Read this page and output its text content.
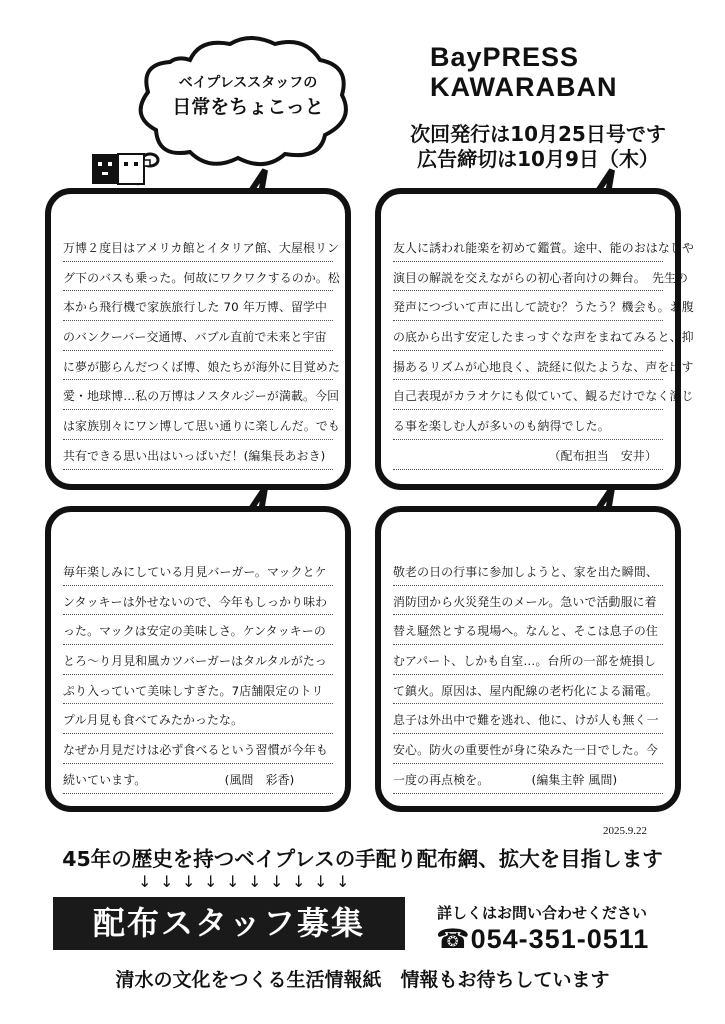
ベイプレススタッフの
日常をちょこっと
BayPRESS
KAWARABAN
次回発行は10月25日号です
広告締切は10月9日（木）
万博２度目はアメリカ館とイタリア館、大屋根リン
グ下のバスも乗った。何故にワクワクするのか。松
本から飛行機で家族旅行した 70 年万博、留学中
のバンクーバー交通博、バブル直前で未来と宇宙
に夢が膨らんだつくば博、娘たちが海外に目覚めた
愛・地球博…私の万博はノスタルジーが満載。今回
は家族別々にワン博して思い通りに楽しんだ。でも
共有できる思い出はいっぱいだ！(編集長あおき)
友人に誘われ能楽を初めて鑑賞。途中、能のおはなしや
演目の解説を交えながらの初心者向けの舞台。　先生の
発声につづいて声に出して読む？うたう？機会も。お腹
の底から出す安定したまっすぐな声をまねてみると、抑
揚あるリズムが心地良く、読経に似たような、声を出す
自己表現がカラオケにも似ていて、観るだけでなく演じ
る事を楽しむ人が多いのも納得でした。
（配布担当　安井）
毎年楽しみにしている月見バーガー。マックとケ
ンタッキーは外せないので、今年もしっかり味わ
った。マックは安定の美味しさ。ケンタッキーの
とろ～り月見和風カツバーガーはタルタルがたっ
ぷり入っていて美味しすぎた。7店舗限定のトリ
プル月見も食べてみたかったな。
なぜか月見だけは必ず食べるという習慣が今年も
続いています。　　　　　　　(風間　彩香)
敬老の日の行事に参加しようと、家を出た瞬間、
消防団から火災発生のメール。急いで活動服に着
替え騒然とする現場へ。なんと、そこは息子の住
むアパート、しかも自室…。台所の一部を焼損し
て鎮火。原因は、屋内配線の老朽化による漏電。
息子は外出中で難を逃れ、他に、けが人も無く一
安心。防火の重要性が身に染みた一日でした。今
一度の再点検を。　　　　(編集主幹 風間)
2025.9.22
45年の歴史を持つベイプレスの手配り配布網、拡大を目指します
↓ ↓ ↓ ↓ ↓ ↓ ↓ ↓ ↓ ↓
配布スタッフ募集	詳しくはお問い合わせください
☎054-351-0511
清水の文化をつくる生活情報紙　情報もお待ちしています
